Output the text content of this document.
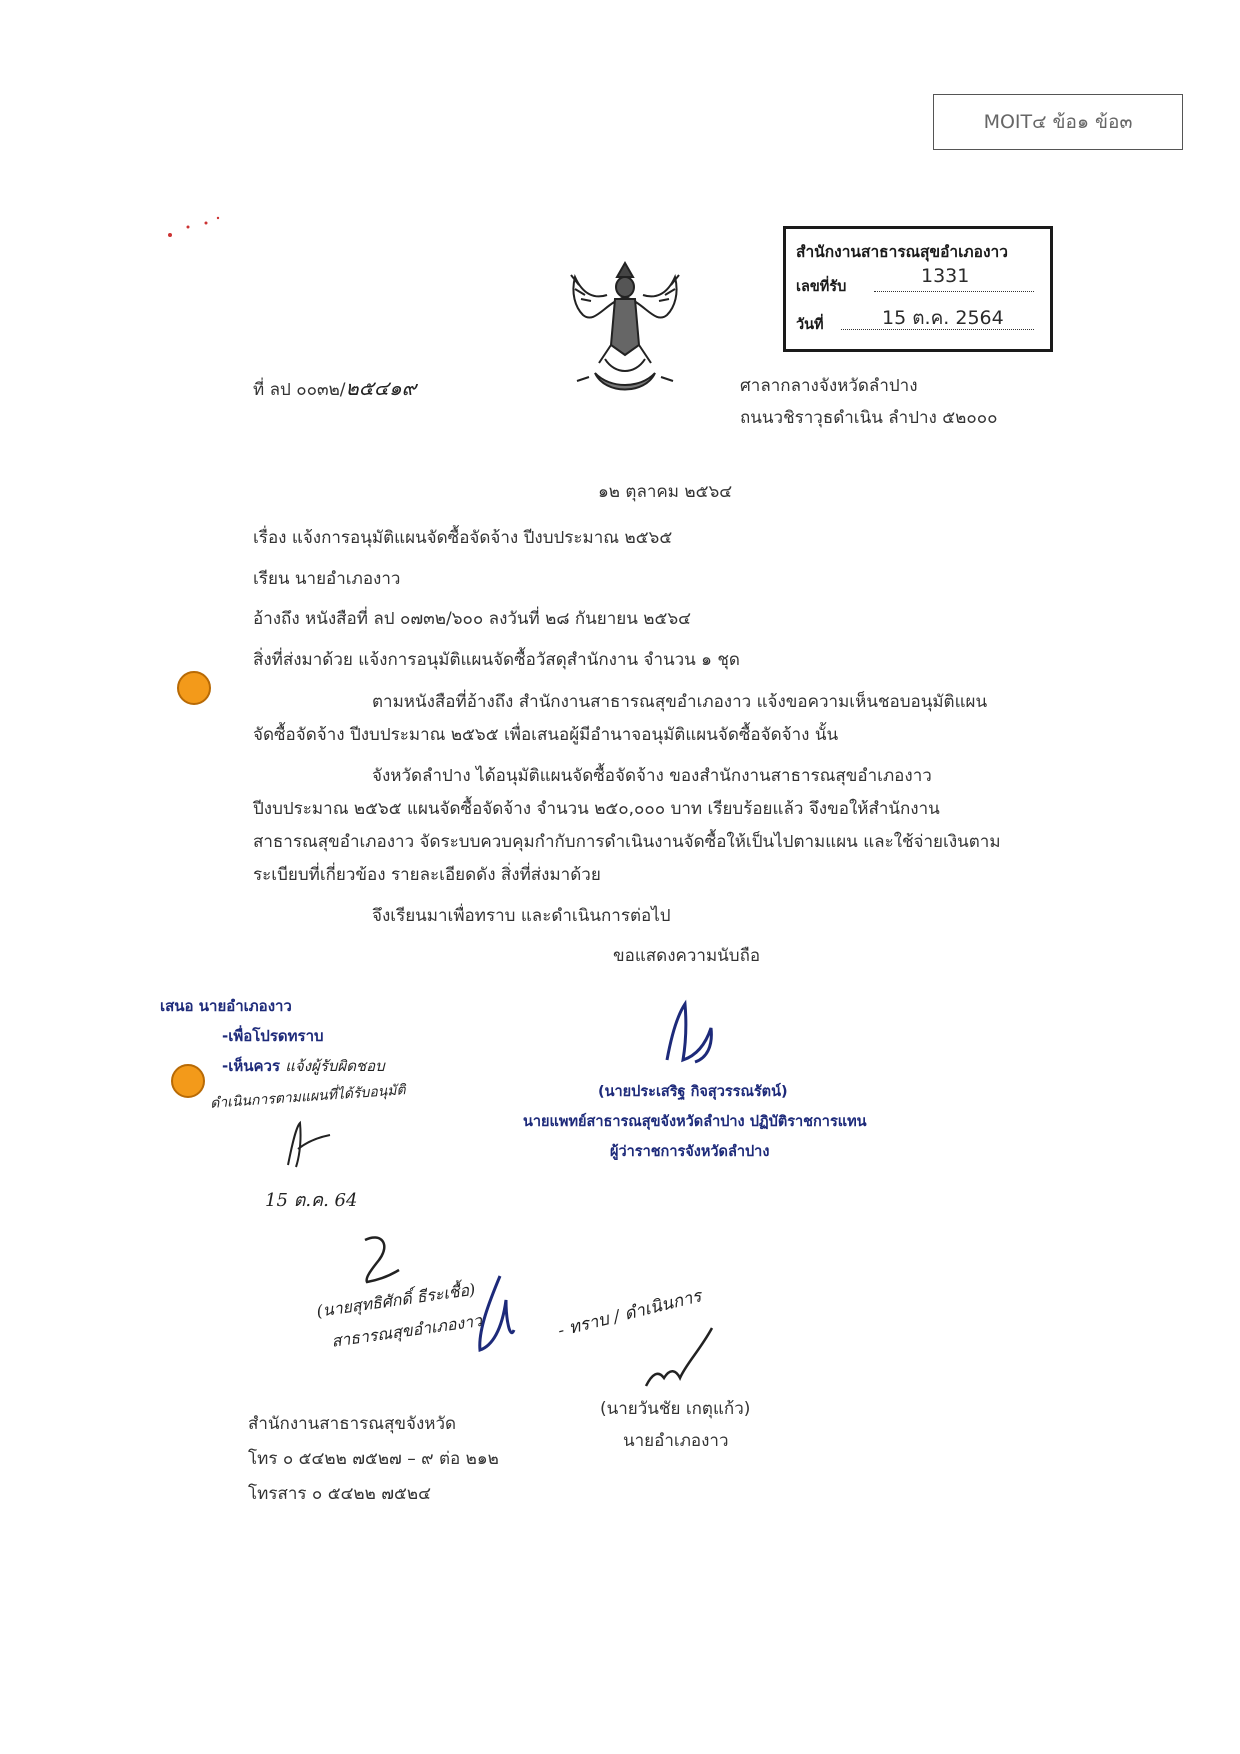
MOIT๔ ข้อ๑ ข้อ๓
สำนักงานสาธารณสุขอำเภองาว
เลขที่รับ	1331
วันที่	15 ต.ค. 2564
ที่ ลป ๐๐๓๒/๒๕๔๑๙	ศาลากลางจังหวัดลำปาง
ถนนวชิราวุธดำเนิน ลำปาง ๕๒๐๐๐
๑๒ ตุลาคม ๒๕๖๔
เรื่อง แจ้งการอนุมัติแผนจัดซื้อจัดจ้าง ปีงบประมาณ ๒๕๖๕
เรียน นายอำเภองาว
อ้างถึง หนังสือที่ ลป ๐๗๓๒/๖๐๐ ลงวันที่ ๒๘ กันยายน ๒๕๖๔
สิ่งที่ส่งมาด้วย แจ้งการอนุมัติแผนจัดซื้อวัสดุสำนักงาน จำนวน ๑ ชุด
ตามหนังสือที่อ้างถึง สำนักงานสาธารณสุขอำเภองาว แจ้งขอความเห็นชอบอนุมัติแผน
จัดซื้อจัดจ้าง ปีงบประมาณ ๒๕๖๕ เพื่อเสนอผู้มีอำนาจอนุมัติแผนจัดซื้อจัดจ้าง นั้น
จังหวัดลำปาง ได้อนุมัติแผนจัดซื้อจัดจ้าง ของสำนักงานสาธารณสุขอำเภองาว
ปีงบประมาณ ๒๕๖๕ แผนจัดซื้อจัดจ้าง จำนวน ๒๕๐,๐๐๐ บาท เรียบร้อยแล้ว จึงขอให้สำนักงาน
สาธารณสุขอำเภองาว จัดระบบควบคุมกำกับการดำเนินงานจัดซื้อให้เป็นไปตามแผน และใช้จ่ายเงินตาม
ระเบียบที่เกี่ยวข้อง รายละเอียดดัง สิ่งที่ส่งมาด้วย
จึงเรียนมาเพื่อทราบ และดำเนินการต่อไป
ขอแสดงความนับถือ
เสนอ นายอำเภองาว
-เพื่อโปรดทราบ
-เห็นควร แจ้งผู้รับผิดชอบ
ดำเนินการตามแผนที่ได้รับอนุมัติ
15 ต.ค. 64
(นายประเสริฐ กิจสุวรรณรัตน์)
นายแพทย์สาธารณสุขจังหวัดลำปาง ปฏิบัติราชการแทน
ผู้ว่าราชการจังหวัดลำปาง
(นายสุทธิศักดิ์ ธีระเชื้อ)
สาธารณสุขอำเภองาว	- ทราบ / ดำเนินการ
(นายวันชัย เกตุแก้ว)
นายอำเภองาว
สำนักงานสาธารณสุขจังหวัด
โทร ๐ ๕๔๒๒ ๗๕๒๗ – ๙ ต่อ ๒๑๒
โทรสาร ๐ ๕๔๒๒ ๗๕๒๔
